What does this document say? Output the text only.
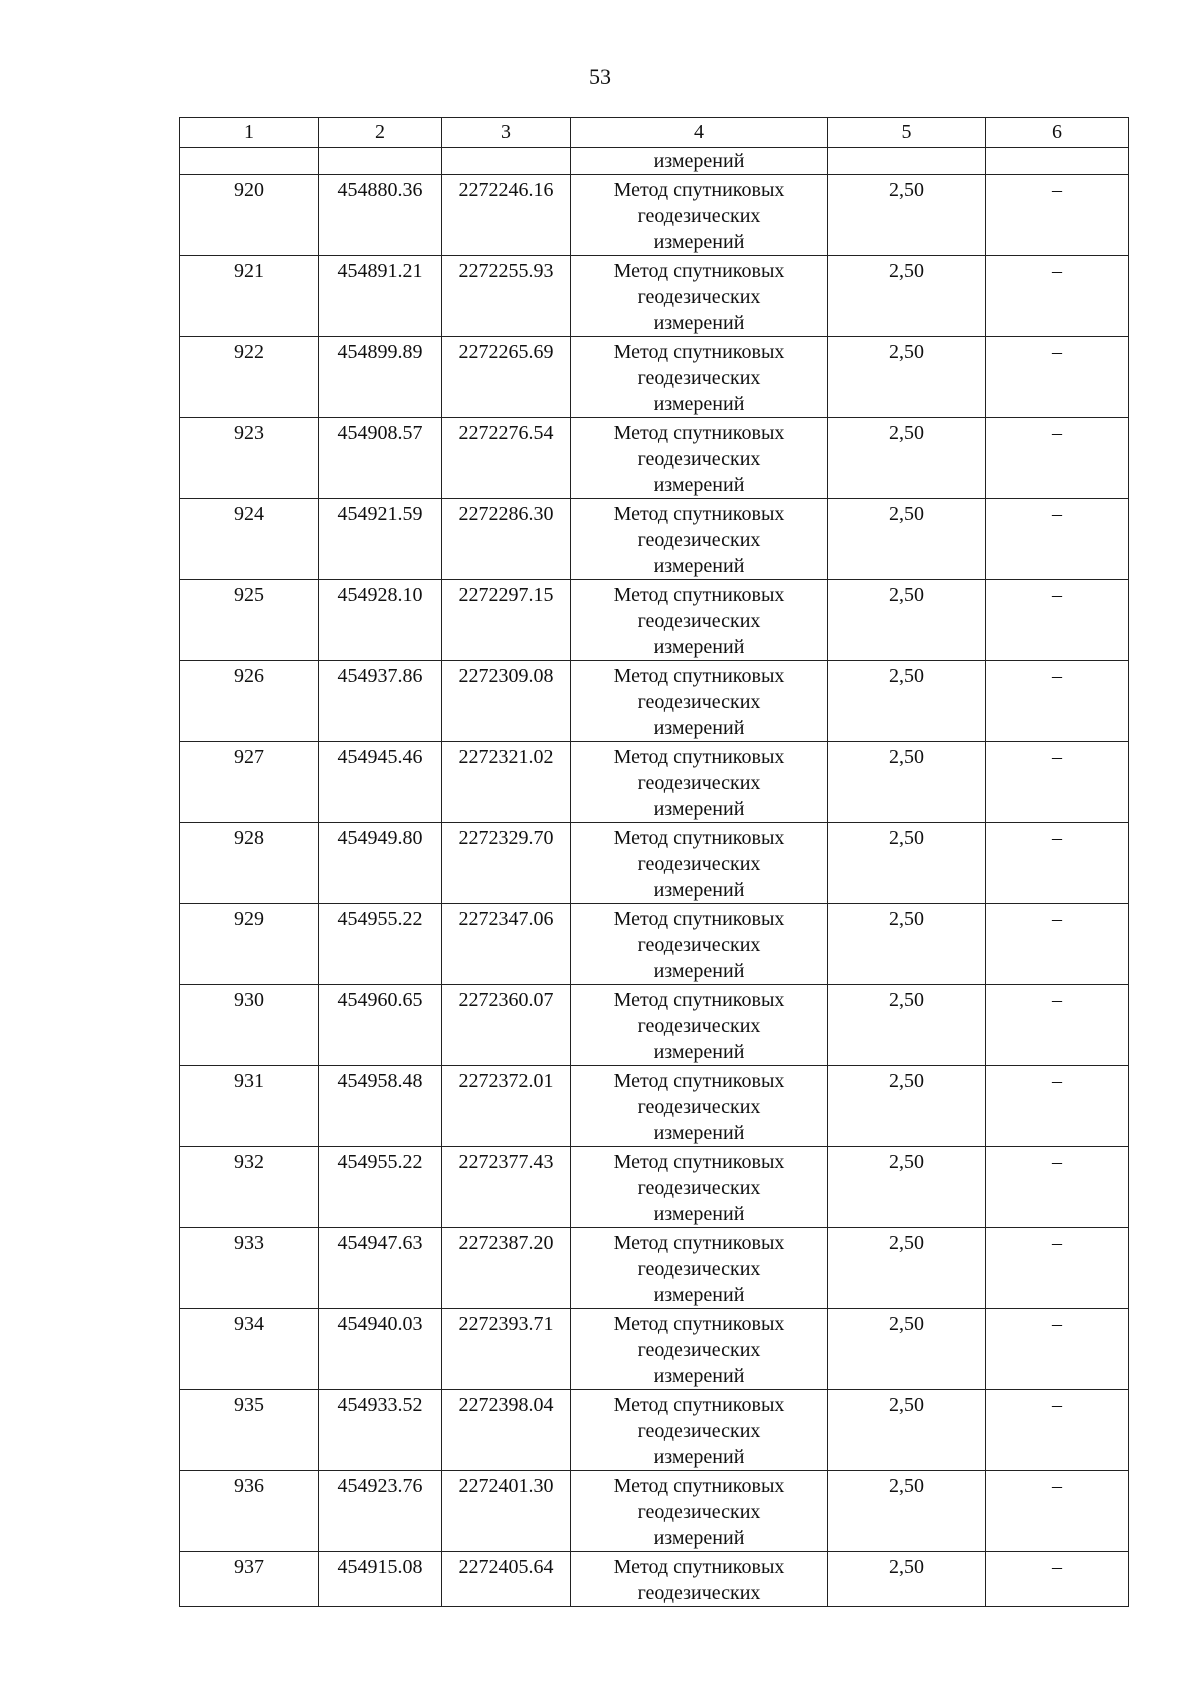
53
1	2	3	4	5	6
			измерений		
920	454880.36	2272246.16	Метод спутниковых
геодезических
измерений	2,50	–
921	454891.21	2272255.93	Метод спутниковых
геодезических
измерений	2,50	–
922	454899.89	2272265.69	Метод спутниковых
геодезических
измерений	2,50	–
923	454908.57	2272276.54	Метод спутниковых
геодезических
измерений	2,50	–
924	454921.59	2272286.30	Метод спутниковых
геодезических
измерений	2,50	–
925	454928.10	2272297.15	Метод спутниковых
геодезических
измерений	2,50	–
926	454937.86	2272309.08	Метод спутниковых
геодезических
измерений	2,50	–
927	454945.46	2272321.02	Метод спутниковых
геодезических
измерений	2,50	–
928	454949.80	2272329.70	Метод спутниковых
геодезических
измерений	2,50	–
929	454955.22	2272347.06	Метод спутниковых
геодезических
измерений	2,50	–
930	454960.65	2272360.07	Метод спутниковых
геодезических
измерений	2,50	–
931	454958.48	2272372.01	Метод спутниковых
геодезических
измерений	2,50	–
932	454955.22	2272377.43	Метод спутниковых
геодезических
измерений	2,50	–
933	454947.63	2272387.20	Метод спутниковых
геодезических
измерений	2,50	–
934	454940.03	2272393.71	Метод спутниковых
геодезических
измерений	2,50	–
935	454933.52	2272398.04	Метод спутниковых
геодезических
измерений	2,50	–
936	454923.76	2272401.30	Метод спутниковых
геодезических
измерений	2,50	–
937	454915.08	2272405.64	Метод спутниковых
геодезических	2,50	–
